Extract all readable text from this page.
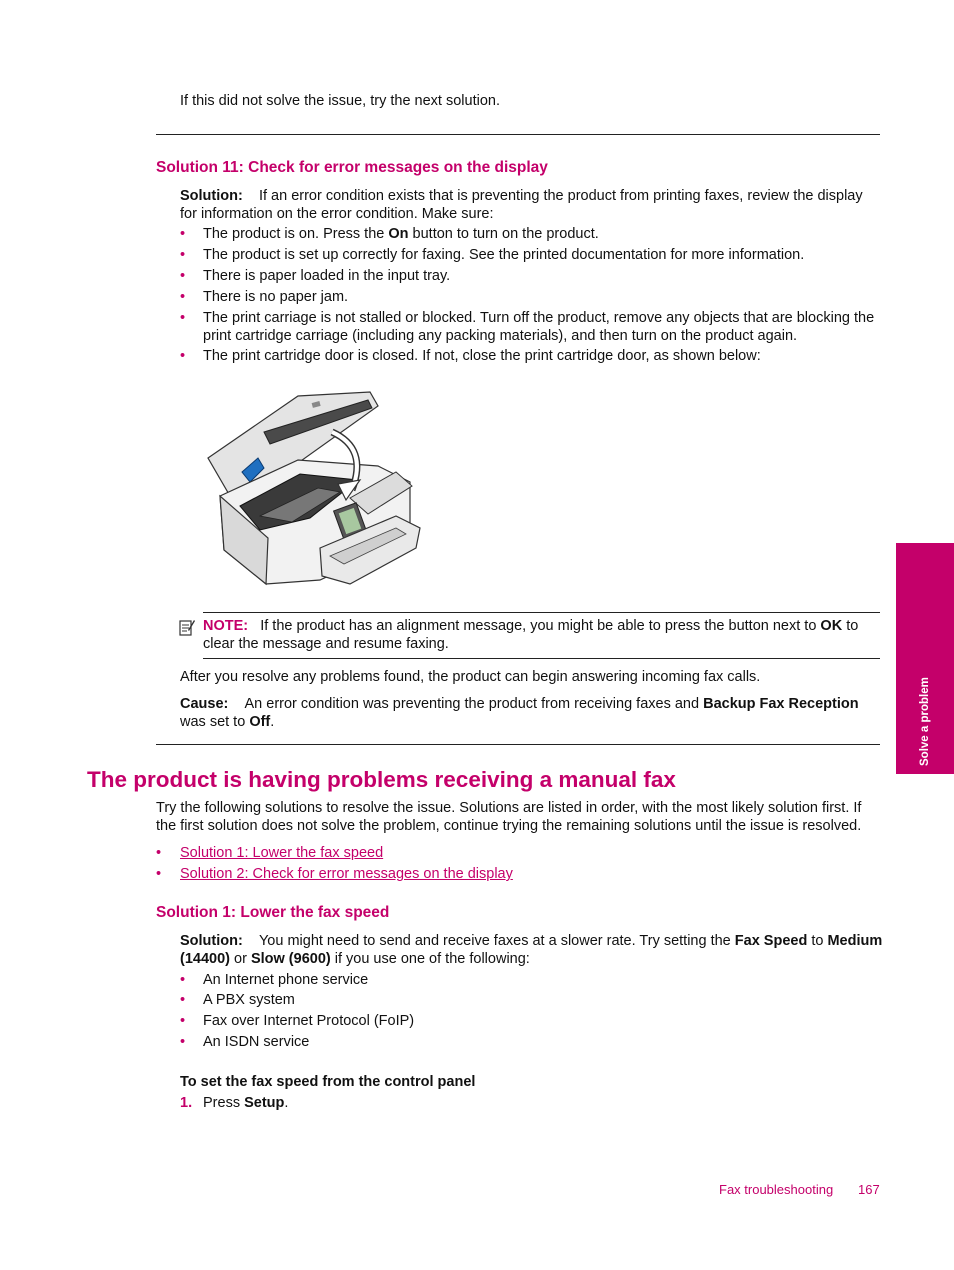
If this did not solve the issue, try the next solution.
Solution 11: Check for error messages on the display
Solution: If an error condition exists that is preventing the product from printing faxes, review the display for information on the error condition. Make sure:
• The product is on. Press the On button to turn on the product.
• The product is set up correctly for faxing. See the printed documentation for more information.
• There is paper loaded in the input tray.
• There is no paper jam.
• The print carriage is not stalled or blocked. Turn off the product, remove any objects that are blocking the print cartridge carriage (including any packing materials), and then turn on the product again.
• The print cartridge door is closed. If not, close the print cartridge door, as shown below:
NOTE: If the product has an alignment message, you might be able to press the button next to OK to clear the message and resume faxing.
After you resolve any problems found, the product can begin answering incoming fax calls.
Cause: An error condition was preventing the product from receiving faxes and Backup Fax Reception was set to Off.
The product is having problems receiving a manual fax
Try the following solutions to resolve the issue. Solutions are listed in order, with the most likely solution first. If the first solution does not solve the problem, continue trying the remaining solutions until the issue is resolved.
• Solution 1: Lower the fax speed
• Solution 2: Check for error messages on the display
Solution 1: Lower the fax speed
Solution: You might need to send and receive faxes at a slower rate. Try setting the Fax Speed to Medium (14400) or Slow (9600) if you use one of the following:
• An Internet phone service
• A PBX system
• Fax over Internet Protocol (FoIP)
• An ISDN service
To set the fax speed from the control panel
1. Press Setup.
Solve a problem
Fax troubleshooting 167
